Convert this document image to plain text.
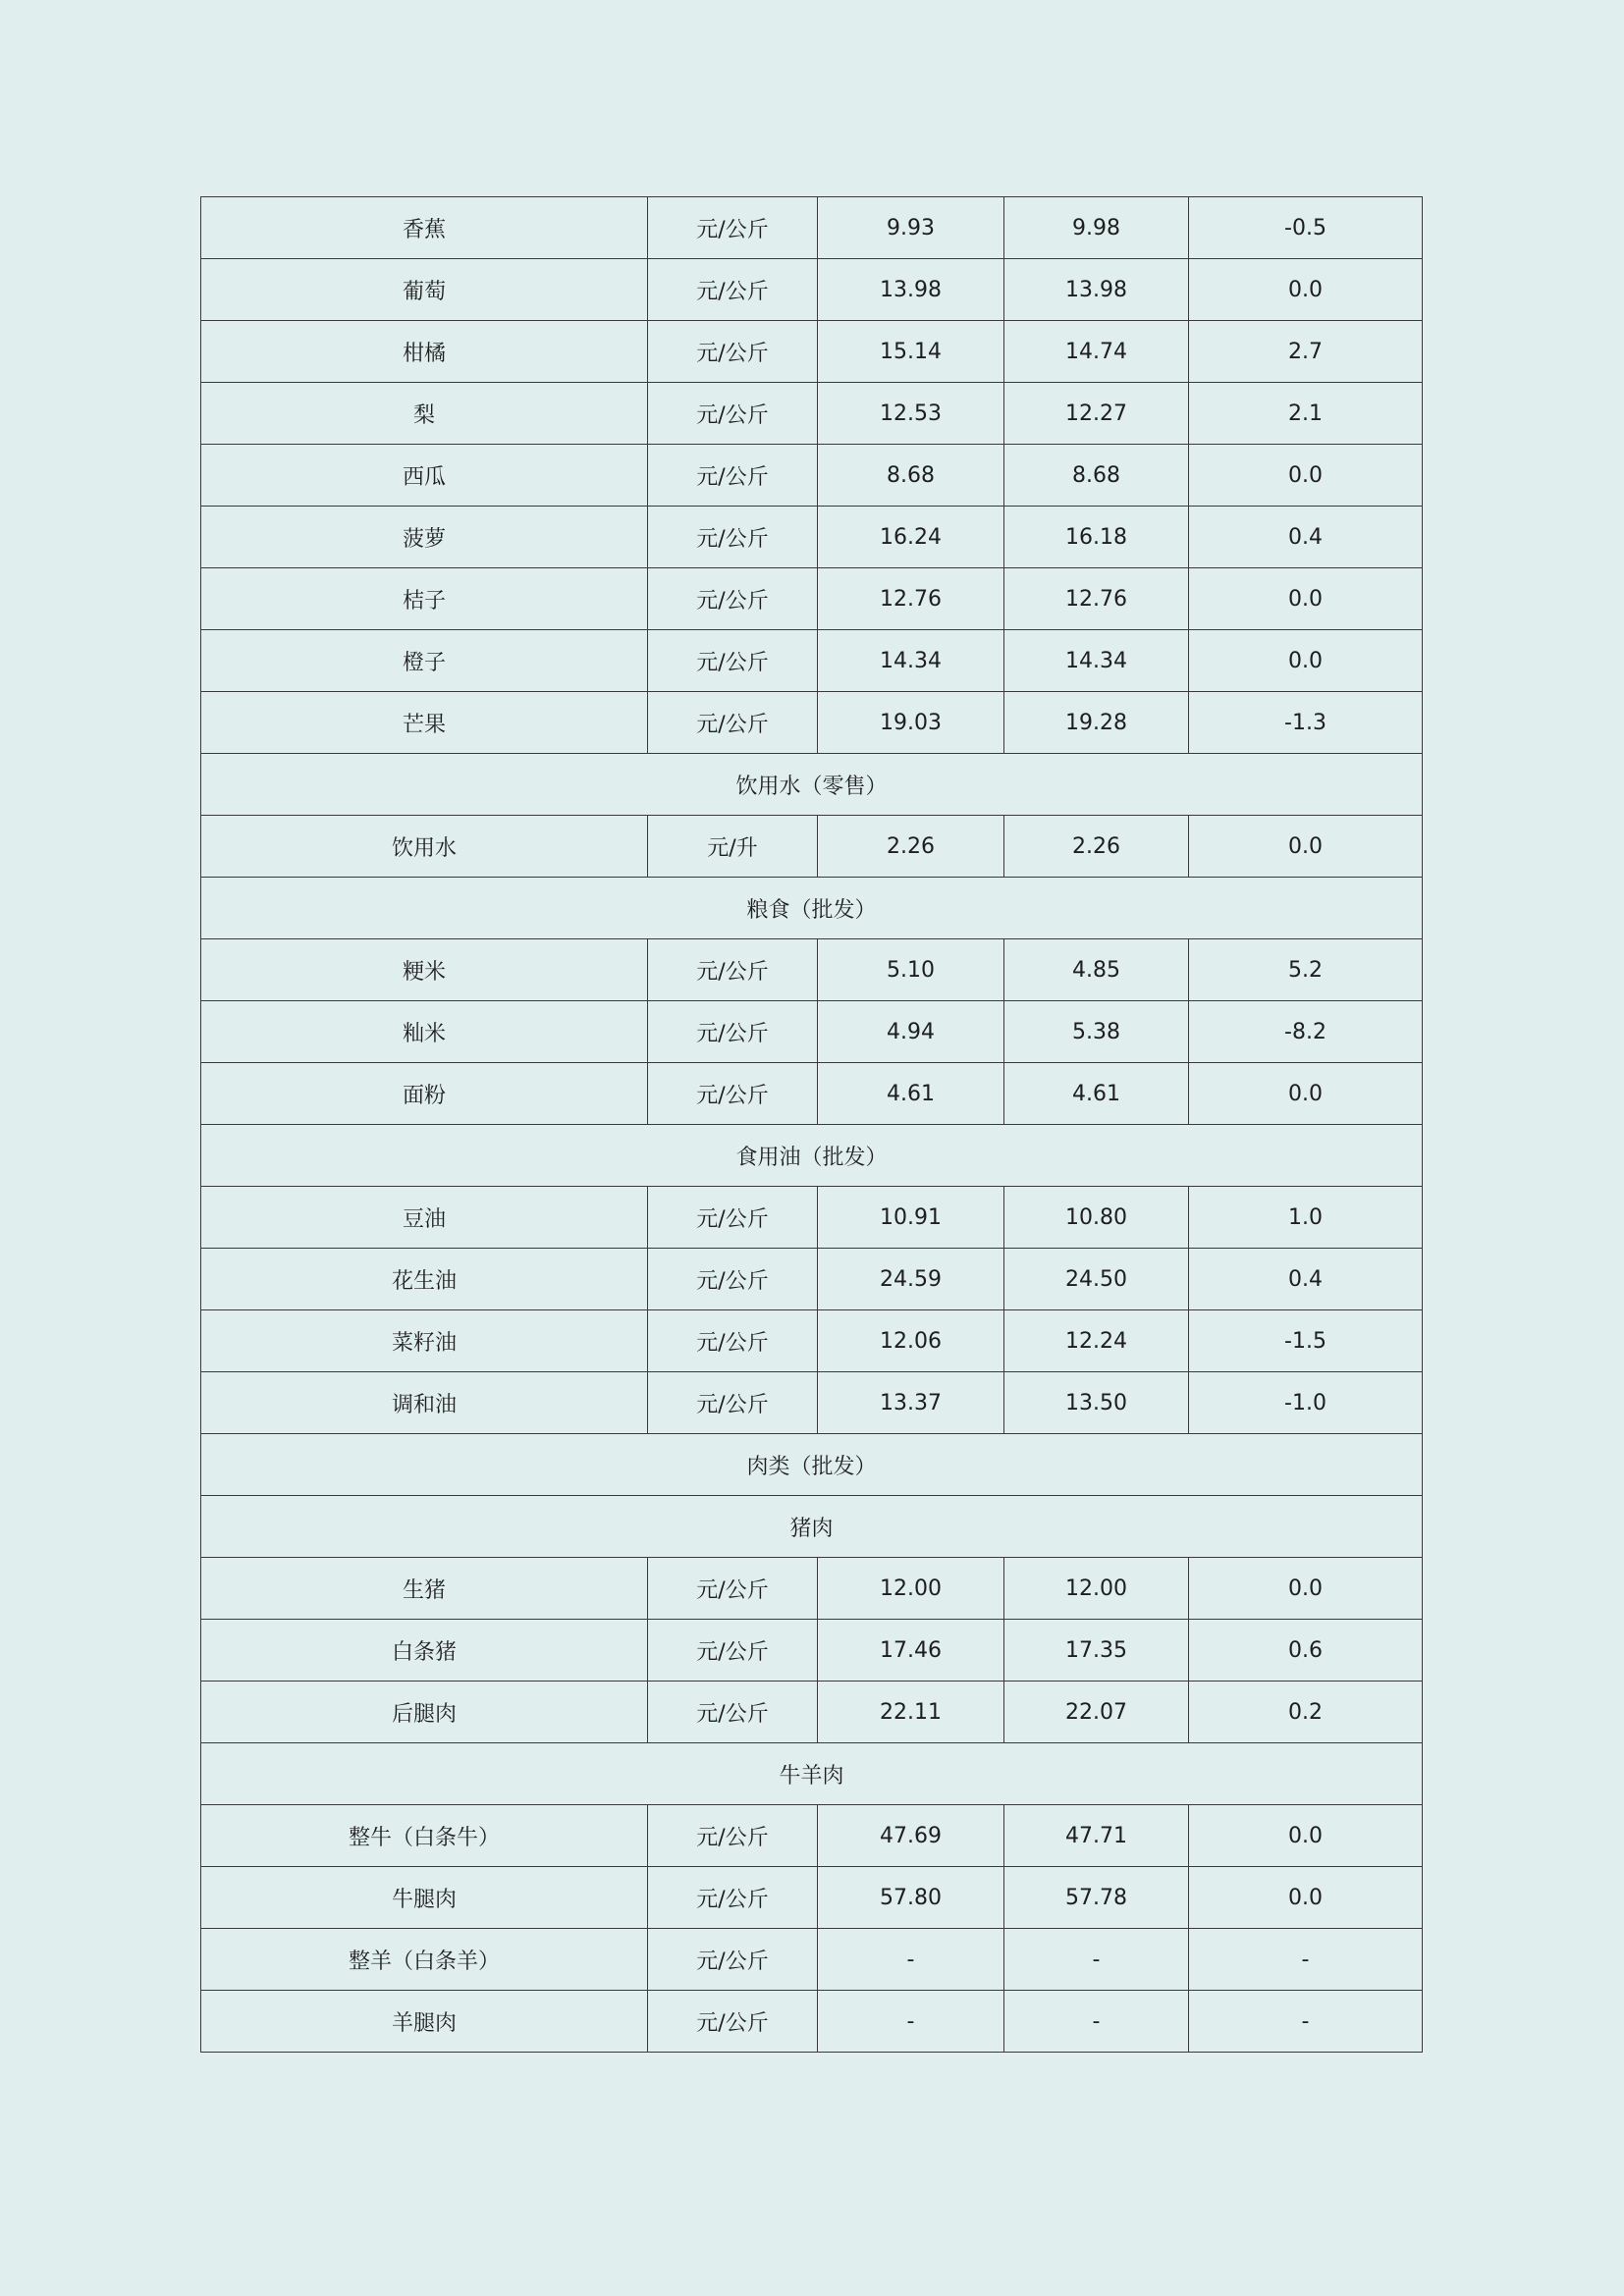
香蕉	元/公斤	9.93	9.98	-0.5
葡萄	元/公斤	13.98	13.98	0.0
柑橘	元/公斤	15.14	14.74	2.7
梨	元/公斤	12.53	12.27	2.1
西瓜	元/公斤	8.68	8.68	0.0
菠萝	元/公斤	16.24	16.18	0.4
桔子	元/公斤	12.76	12.76	0.0
橙子	元/公斤	14.34	14.34	0.0
芒果	元/公斤	19.03	19.28	-1.3
饮用水（零售）				
饮用水	元/升	2.26	2.26	0.0
粮食（批发）				
粳米	元/公斤	5.10	4.85	5.2
籼米	元/公斤	4.94	5.38	-8.2
面粉	元/公斤	4.61	4.61	0.0
食用油（批发）				
豆油	元/公斤	10.91	10.80	1.0
花生油	元/公斤	24.59	24.50	0.4
菜籽油	元/公斤	12.06	12.24	-1.5
调和油	元/公斤	13.37	13.50	-1.0
肉类（批发）				
猪肉				
生猪	元/公斤	12.00	12.00	0.0
白条猪	元/公斤	17.46	17.35	0.6
后腿肉	元/公斤	22.11	22.07	0.2
牛羊肉				
整牛（白条牛）	元/公斤	47.69	47.71	0.0
牛腿肉	元/公斤	57.80	57.78	0.0
整羊（白条羊）	元/公斤	-	-	-
羊腿肉	元/公斤	-	-	-
